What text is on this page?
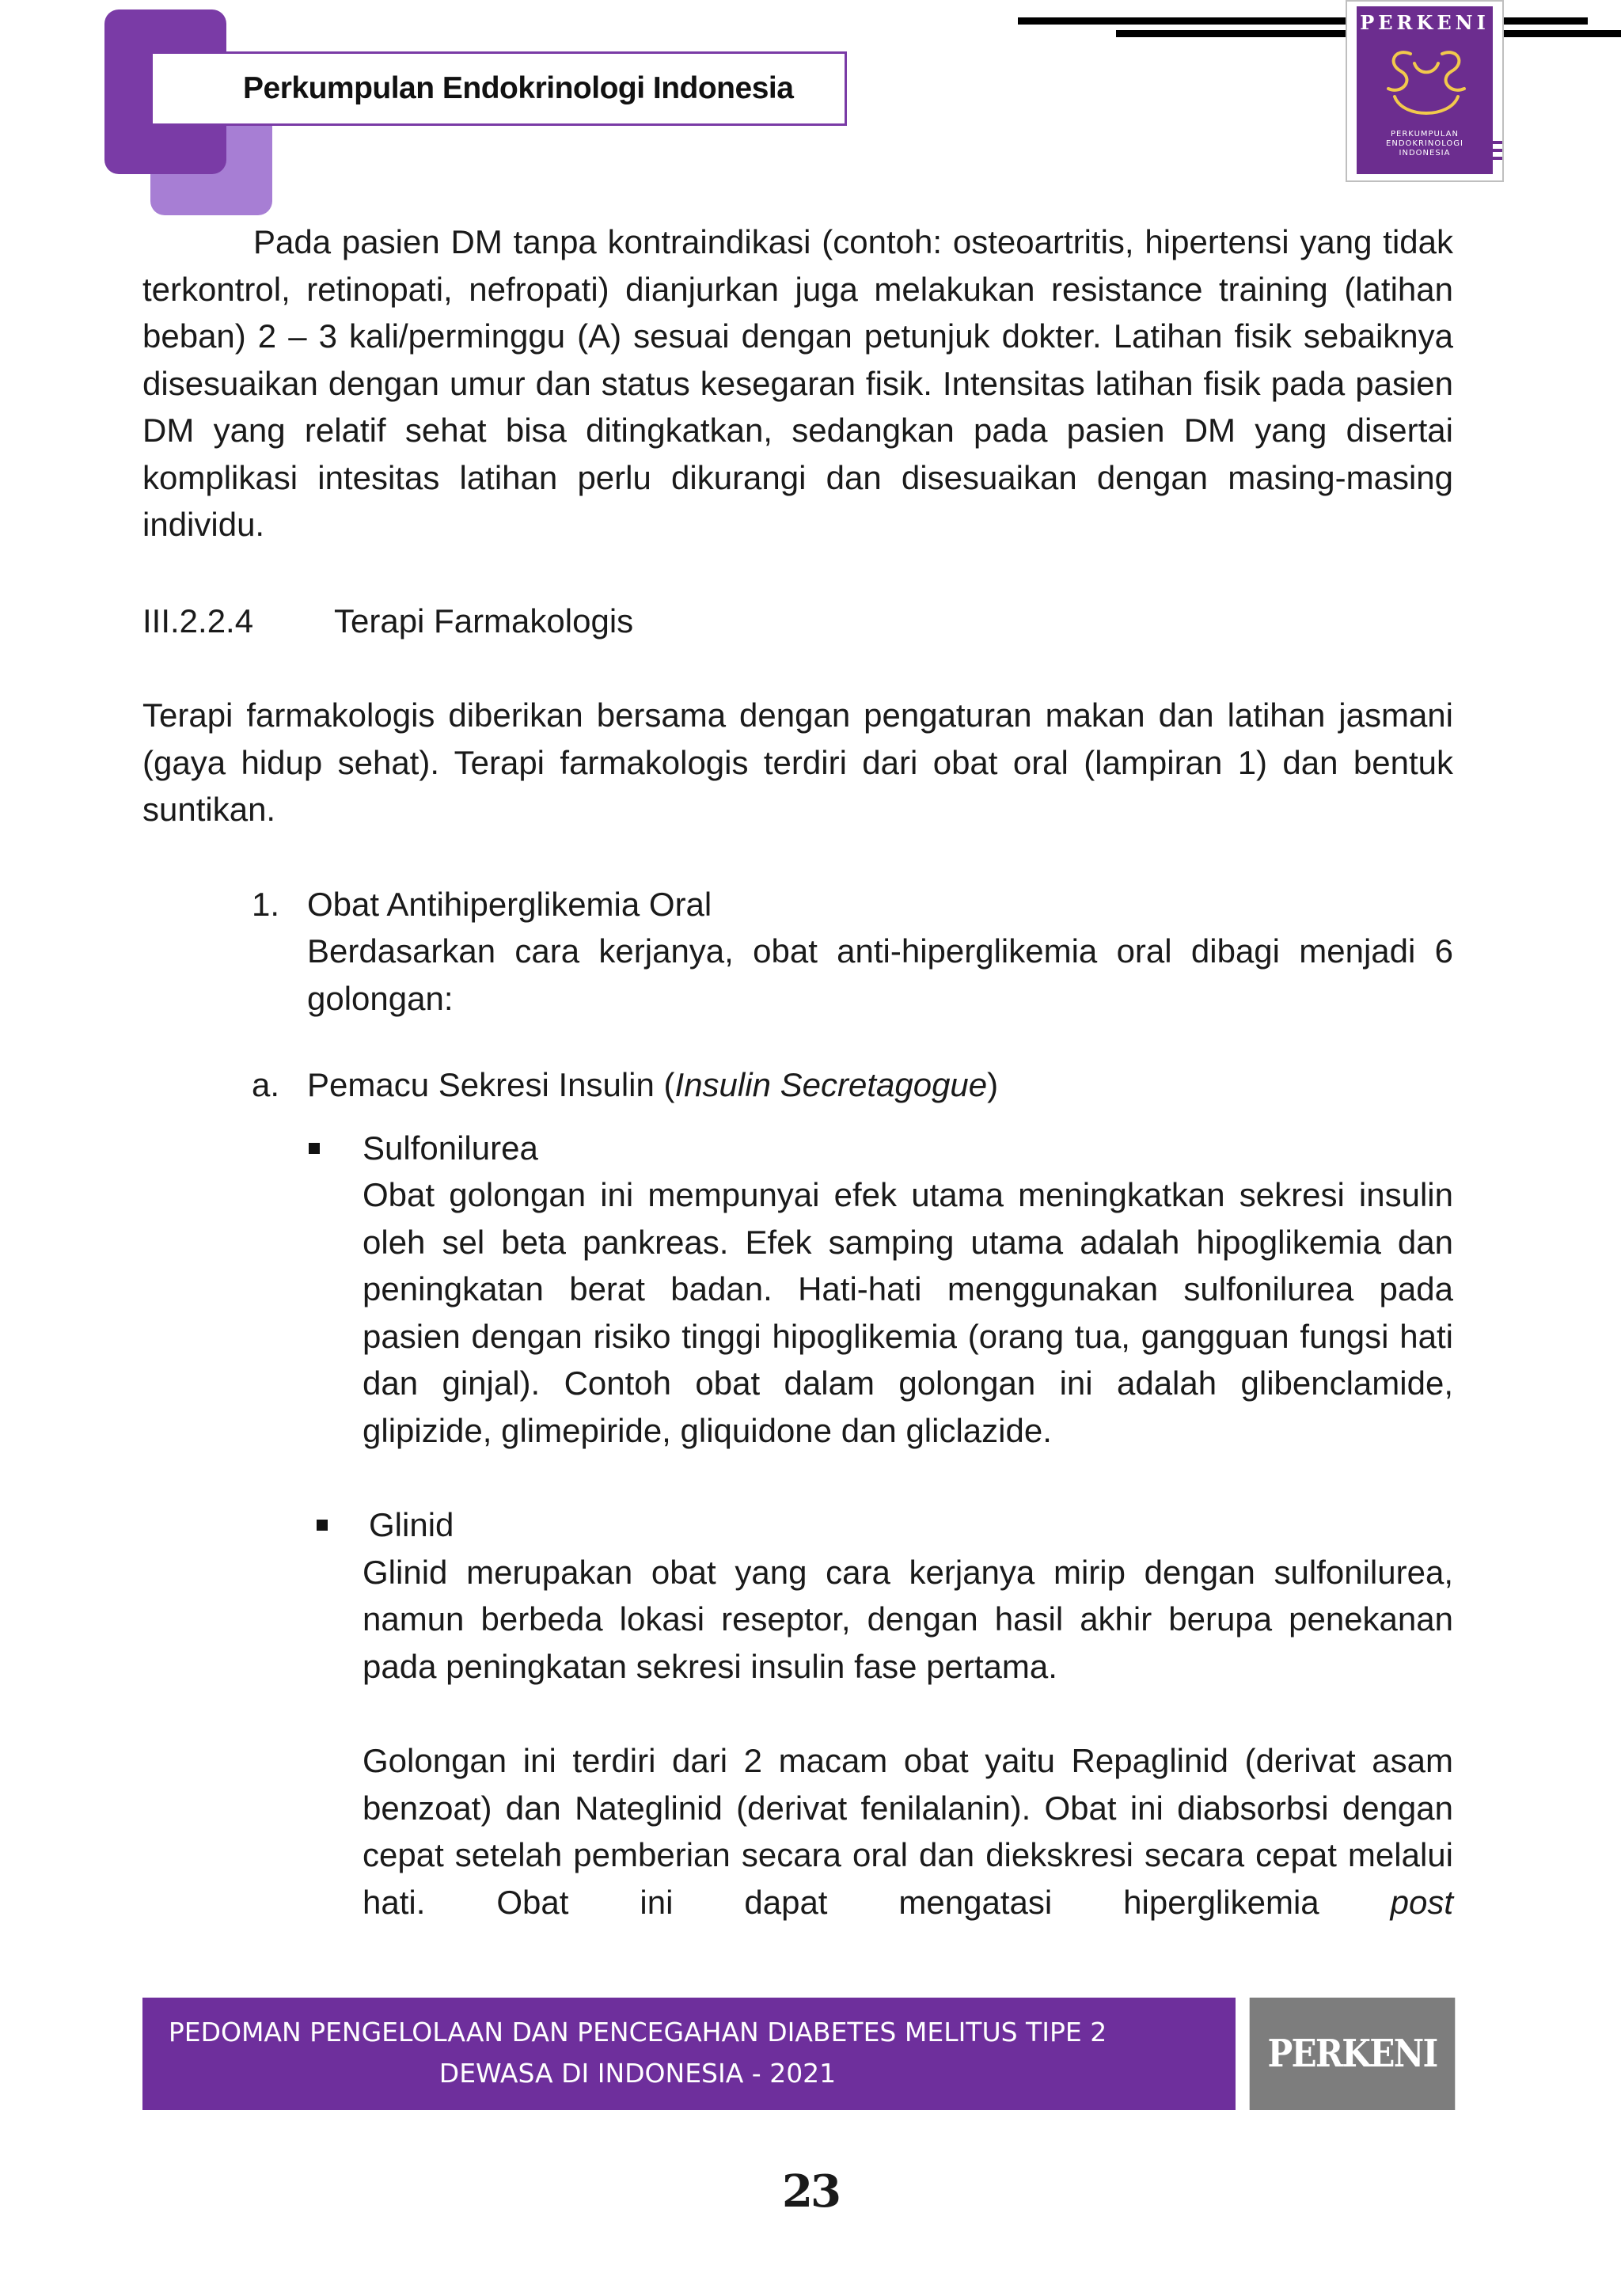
Perkumpulan Endokrinologi Indonesia
PERKENI
PERKUMPULAN
ENDOKRINOLOGI
INDONESIA

Pada pasien DM tanpa kontraindikasi (contoh: osteoartritis, hipertensi yang tidak terkontrol, retinopati, nefropati) dianjurkan juga melakukan resistance training (latihan beban) 2 – 3 kali/perminggu (A) sesuai dengan petunjuk dokter. Latihan fisik sebaiknya disesuaikan dengan umur dan status kesegaran fisik. Intensitas latihan fisik pada pasien DM yang relatif sehat bisa ditingkatkan, sedangkan pada pasien DM yang disertai komplikasi intesitas latihan perlu dikurangi dan disesuaikan dengan masing-masing individu.

III.2.2.4	Terapi Farmakologis

Terapi farmakologis diberikan bersama dengan pengaturan makan dan latihan jasmani (gaya hidup sehat). Terapi farmakologis terdiri dari obat oral (lampiran 1) dan bentuk suntikan.

1. Obat Antihiperglikemia Oral
Berdasarkan cara kerjanya, obat anti-hiperglikemia oral dibagi menjadi 6 golongan:
a. Pemacu Sekresi Insulin (Insulin Secretagogue)
Sulfonilurea
Obat golongan ini mempunyai efek utama meningkatkan sekresi insulin oleh sel beta pankreas. Efek samping utama adalah hipoglikemia dan peningkatan berat badan. Hati-hati menggunakan sulfonilurea pada pasien dengan risiko tinggi hipoglikemia (orang tua, gangguan fungsi hati dan ginjal). Contoh obat dalam golongan ini adalah glibenclamide, glipizide, glimepiride, gliquidone dan gliclazide.
Glinid
Glinid merupakan obat yang cara kerjanya mirip dengan sulfonilurea, namun berbeda lokasi reseptor, dengan hasil akhir berupa penekanan pada peningkatan sekresi insulin fase pertama.
Golongan ini terdiri dari 2 macam obat yaitu Repaglinid (derivat asam benzoat) dan Nateglinid (derivat fenilalanin). Obat ini diabsorbsi dengan cepat setelah pemberian secara oral dan diekskresi secara cepat melalui hati. Obat ini dapat mengatasi hiperglikemia post
PEDOMAN PENGELOLAAN DAN PENCEGAHAN DIABETES MELITUS TIPE 2
DEWASA DI INDONESIA - 2021	PERKENI
23
